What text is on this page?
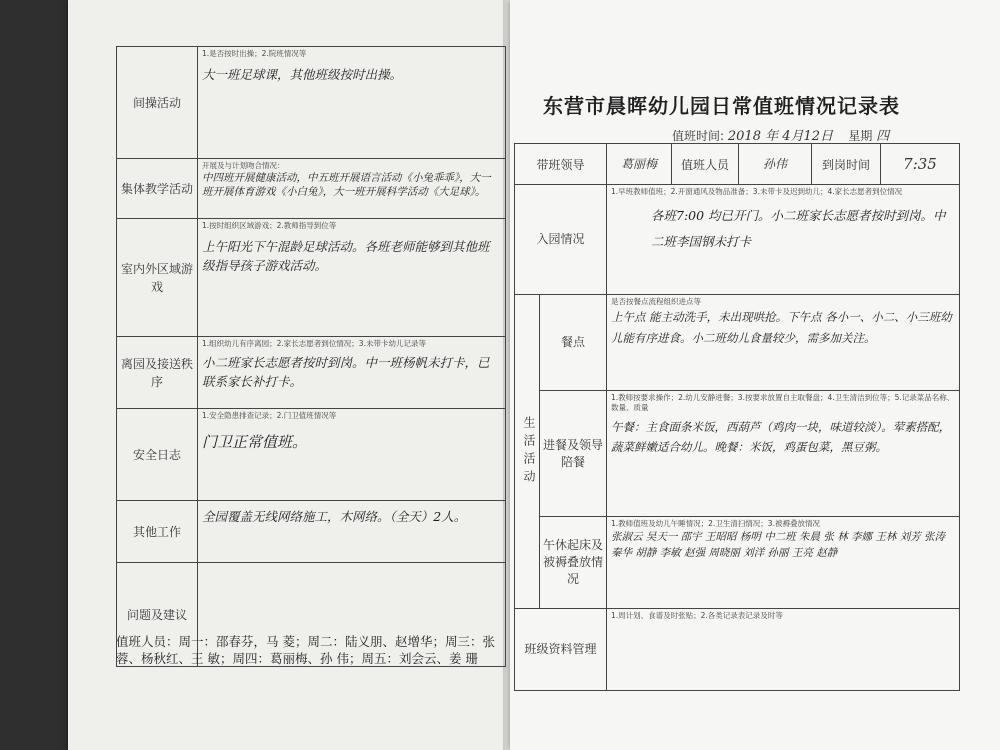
间操活动	1.是否按时出操；2.院班情况等
大一班足球课，其他班级按时出操。

集体教学活动	开展及与计划吻合情况：
中四班开展健康活动，中五班开展语言活动《小兔乖乖》，大一班开展体育游戏《小白兔》，大一班开展科学活动《大足球》。

室内外区域游戏	1.按时组织区域游戏；2.教师指导到位等
上午阳光下午混龄足球活动。各班老师能够到其他班级指导孩子游戏活动。

离园及接送秩序	1.组织幼儿有序离园；2.家长志愿者到位情况；3.未带卡幼儿记录等
小二班家长志愿者按时到岗。中一班杨帆未打卡，已联系家长补打卡。

安全日志	1.安全隐患排查记录；2.门卫值班情况等
门卫正常值班。

其他工作	全园覆盖无线网络施工，木网络。（全天）2人。

问题及建议	
值班人员：周一：邵春芬，马 菱；周二：陆义朋、赵增华；周三：张 蓉、杨秋红、王 敏；周四：葛丽梅、孙 伟；周五：刘会云、姜 珊
东营市晨晖幼儿园日常值班情况记录表
值班时间: 2018 年 4月12日 星期 四
带班领导		葛丽梅	值班人员	孙伟	到岗时间	7:35
入园情况		1.早班教师值班；2.开窗通风及物品准备；3.未带卡及迟到幼儿；4.家长志愿者到位情况
各班7:00 均已开门。小二班家长志愿者按时到岗。中二班李国钢未打卡				

生活活动	餐点	是否按餐点流程组织进点等
上午点 能主动洗手，未出现哄抢。下午点 各小一、小二、小三班幼儿能有序进食。小二班幼儿食量较少，需多加关注。				

	进餐及领导陪餐	1.教师按要求操作；2.幼儿安静进餐；3.按要求放置自主取餐盘；4.卫生清洁到位等；5.记录菜品名称、数量、质量
午餐：主食面条米饭，西葫芦（鸡肉一块，味道较淡）。荤素搭配，蔬菜鲜嫩适合幼儿。晚餐：米饭，鸡蛋包菜，黑豆粥。				

	午休起床及被褥叠放情况	1.教师值班及幼儿午睡情况；2.卫生清扫情况；3.被褥叠放情况
张淑云 吴天一 邵宇 王昭昭 杨明 中二班 朱晨 张 林 李娜 王林 刘芳 张涛 秦华 胡静 李敏 赵强 周晓丽 刘洋 孙丽 王亮 赵静				

班级资料管理		1.周计划、食谱及时张贴；2.各类记录表记录及时等				
